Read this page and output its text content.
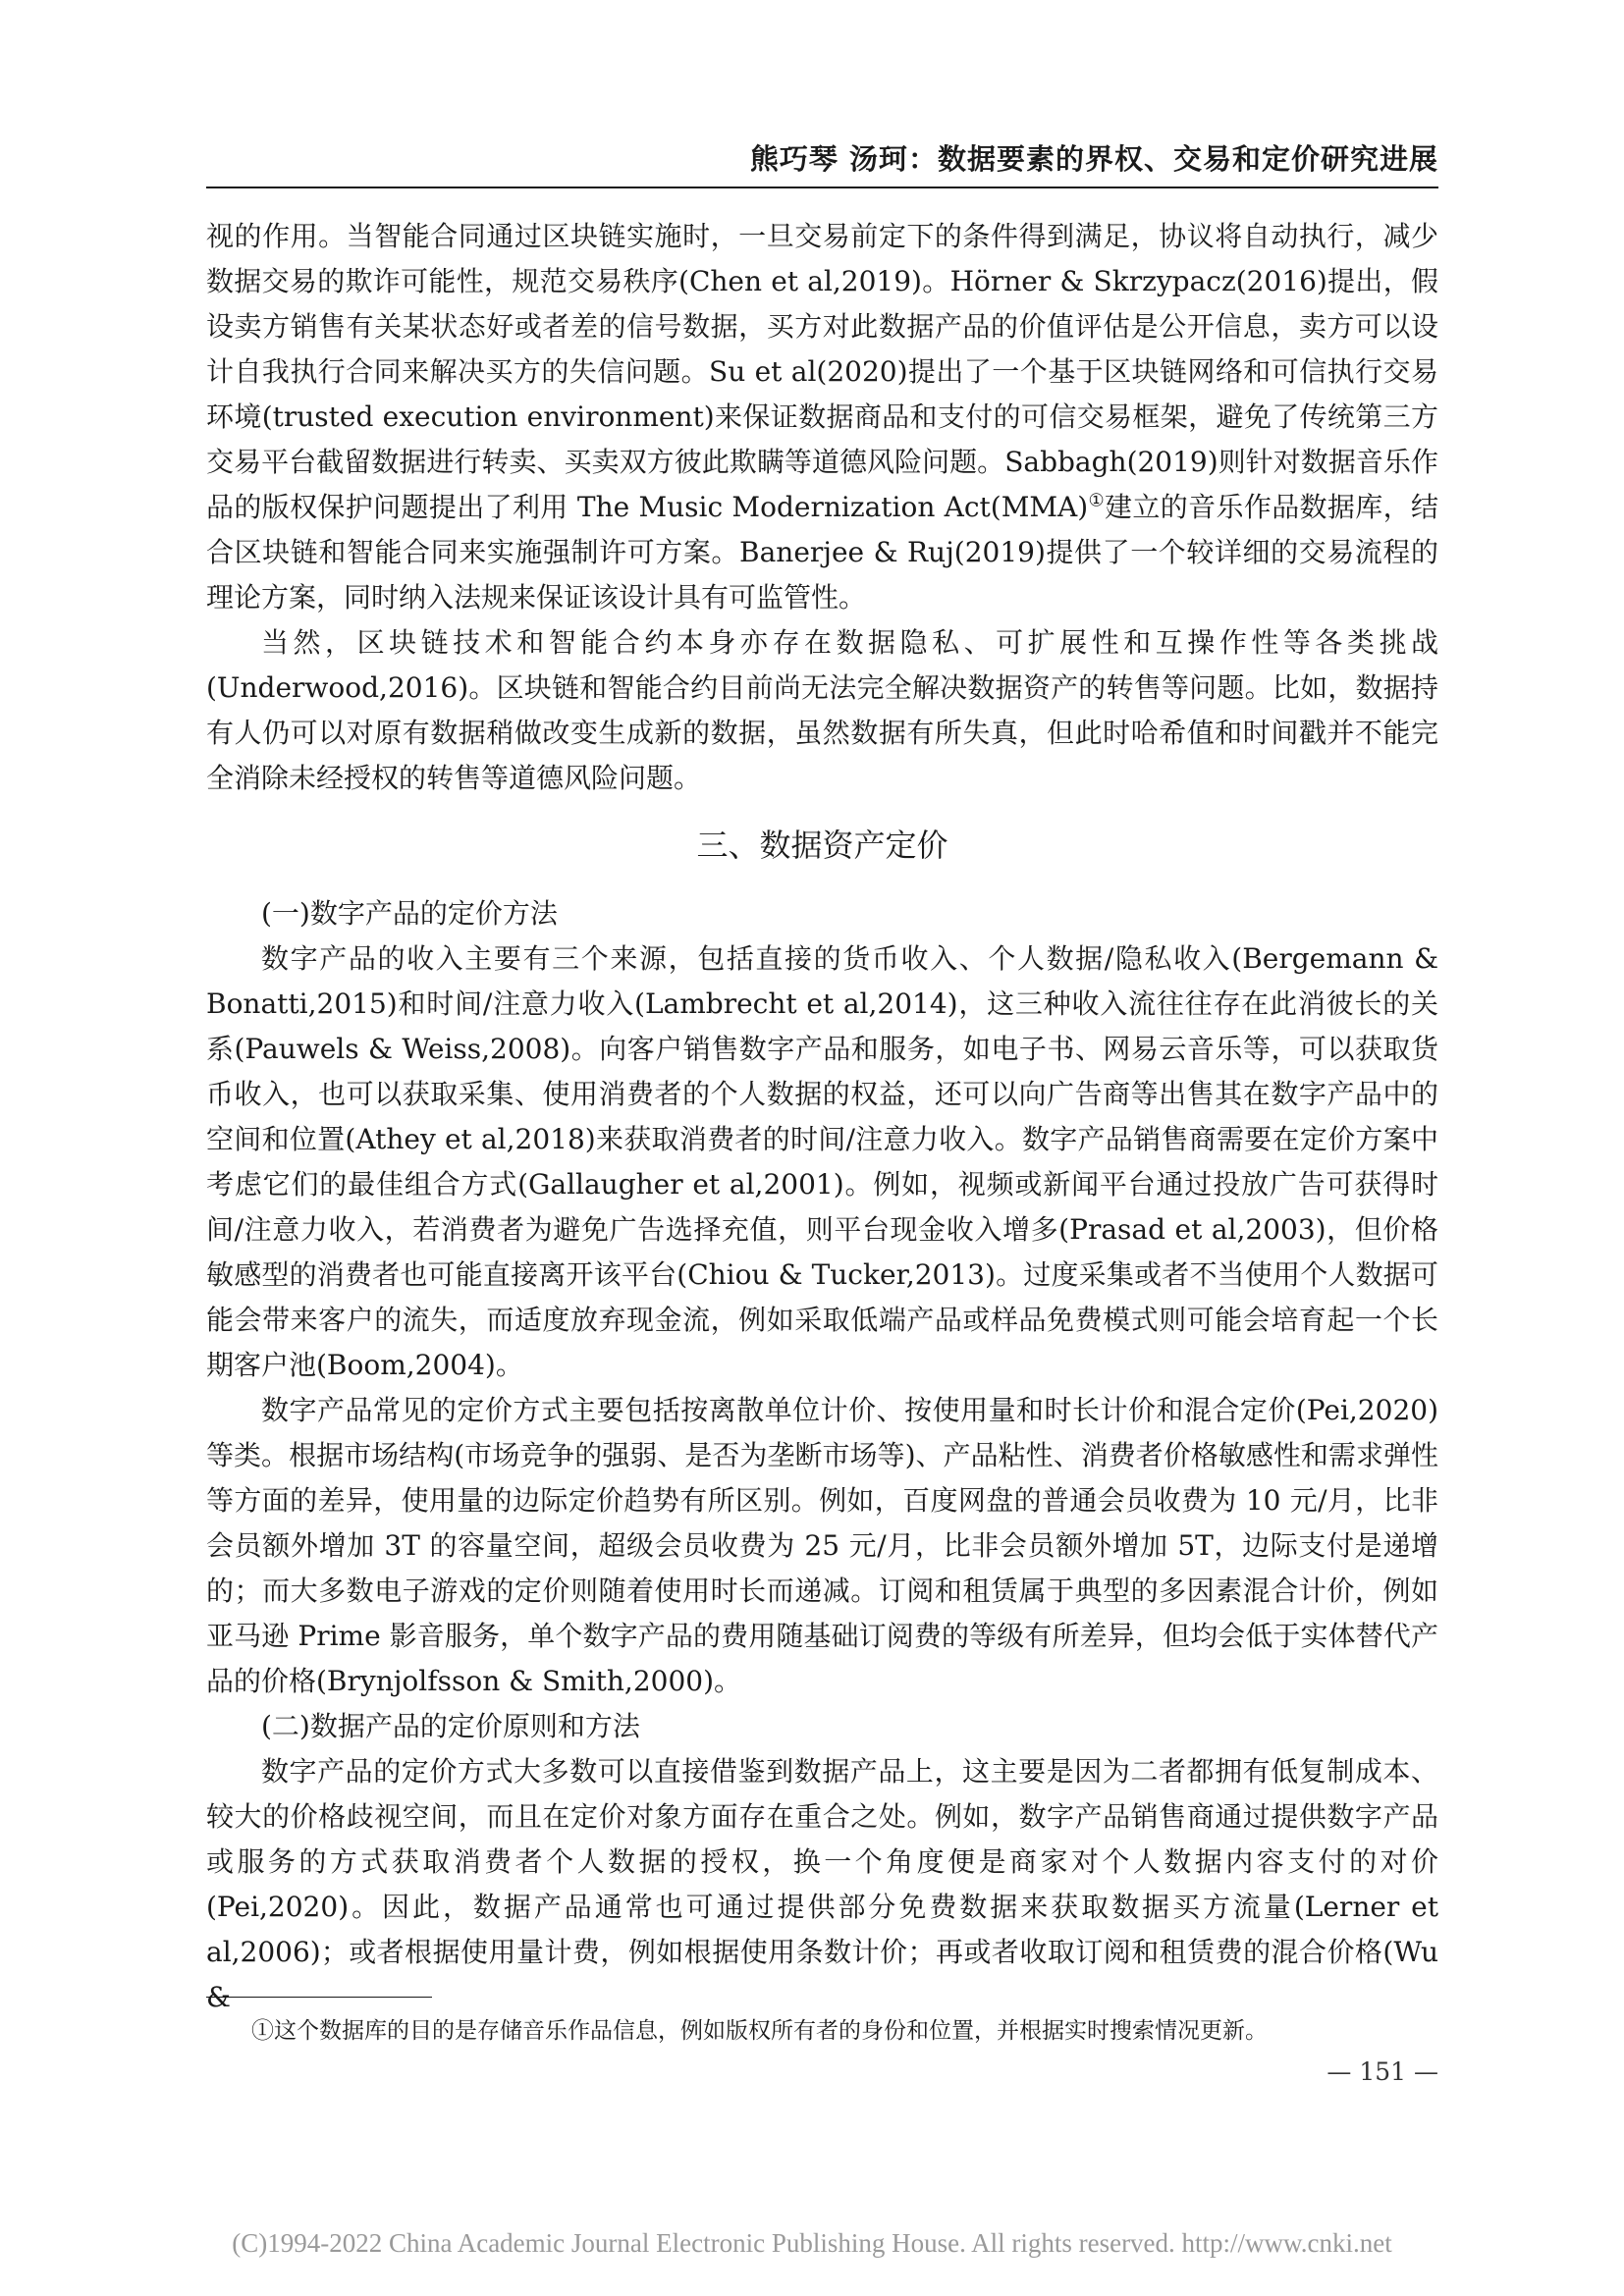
熊巧琴 汤珂：数据要素的界权、交易和定价研究进展

视的作用。当智能合同通过区块链实施时，一旦交易前定下的条件得到满足，协议将自动执行，减少数据交易的欺诈可能性，规范交易秩序(Chen et al,2019)。Hörner & Skrzypacz(2016)提出，假设卖方销售有关某状态好或者差的信号数据，买方对此数据产品的价值评估是公开信息，卖方可以设计自我执行合同来解决买方的失信问题。Su et al(2020)提出了一个基于区块链网络和可信执行交易环境(trusted execution environment)来保证数据商品和支付的可信交易框架，避免了传统第三方交易平台截留数据进行转卖、买卖双方彼此欺瞒等道德风险问题。Sabbagh(2019)则针对数据音乐作品的版权保护问题提出了利用 The Music Modernization Act(MMA)①建立的音乐作品数据库，结合区块链和智能合同来实施强制许可方案。Banerjee & Ruj(2019)提供了一个较详细的交易流程的理论方案，同时纳入法规来保证该设计具有可监管性。

当然，区块链技术和智能合约本身亦存在数据隐私、可扩展性和互操作性等各类挑战(Underwood,2016)。区块链和智能合约目前尚无法完全解决数据资产的转售等问题。比如，数据持有人仍可以对原有数据稍做改变生成新的数据，虽然数据有所失真，但此时哈希值和时间戳并不能完全消除未经授权的转售等道德风险问题。

三、数据资产定价

(一)数字产品的定价方法

数字产品的收入主要有三个来源，包括直接的货币收入、个人数据/隐私收入(Bergemann & Bonatti,2015)和时间/注意力收入(Lambrecht et al,2014)，这三种收入流往往存在此消彼长的关系(Pauwels & Weiss,2008)。向客户销售数字产品和服务，如电子书、网易云音乐等，可以获取货币收入，也可以获取采集、使用消费者的个人数据的权益，还可以向广告商等出售其在数字产品中的空间和位置(Athey et al,2018)来获取消费者的时间/注意力收入。数字产品销售商需要在定价方案中考虑它们的最佳组合方式(Gallaugher et al,2001)。例如，视频或新闻平台通过投放广告可获得时间/注意力收入，若消费者为避免广告选择充值，则平台现金收入增多(Prasad et al,2003)，但价格敏感型的消费者也可能直接离开该平台(Chiou & Tucker,2013)。过度采集或者不当使用个人数据可能会带来客户的流失，而适度放弃现金流，例如采取低端产品或样品免费模式则可能会培育起一个长期客户池(Boom,2004)。

数字产品常见的定价方式主要包括按离散单位计价、按使用量和时长计价和混合定价(Pei,2020)等类。根据市场结构(市场竞争的强弱、是否为垄断市场等)、产品粘性、消费者价格敏感性和需求弹性等方面的差异，使用量的边际定价趋势有所区别。例如，百度网盘的普通会员收费为 10 元/月，比非会员额外增加 3T 的容量空间，超级会员收费为 25 元/月，比非会员额外增加 5T，边际支付是递增的；而大多数电子游戏的定价则随着使用时长而递减。订阅和租赁属于典型的多因素混合计价，例如亚马逊 Prime 影音服务，单个数字产品的费用随基础订阅费的等级有所差异，但均会低于实体替代产品的价格(Brynjolfsson & Smith,2000)。

(二)数据产品的定价原则和方法

数字产品的定价方式大多数可以直接借鉴到数据产品上，这主要是因为二者都拥有低复制成本、较大的价格歧视空间，而且在定价对象方面存在重合之处。例如，数字产品销售商通过提供数字产品或服务的方式获取消费者个人数据的授权，换一个角度便是商家对个人数据内容支付的对价(Pei,2020)。因此，数据产品通常也可通过提供部分免费数据来获取数据买方流量(Lerner et al,2006)；或者根据使用量计费，例如根据使用条数计价；再或者收取订阅和租赁费的混合价格(Wu &

①这个数据库的目的是存储音乐作品信息，例如版权所有者的身份和位置，并根据实时搜索情况更新。
— 151 —
(C)1994-2022 China Academic Journal Electronic Publishing House. All rights reserved. http://www.cnki.net
